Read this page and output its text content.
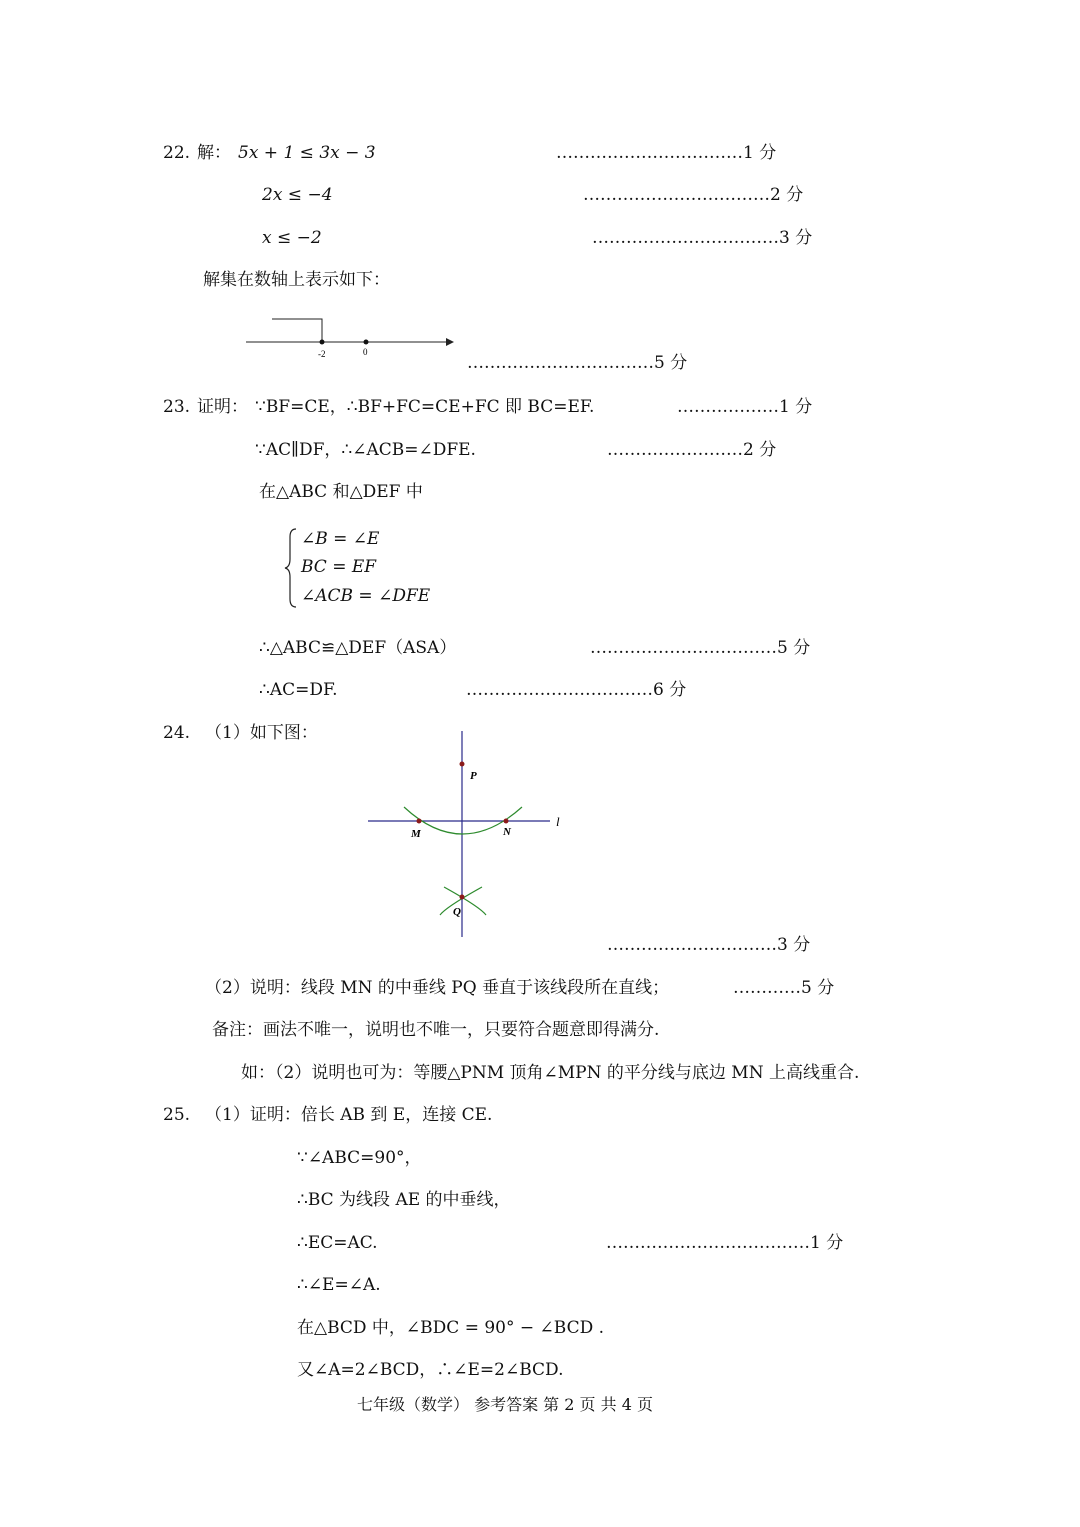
22. 解： 5x + 1 ≤ 3x − 3	……………………………1 分
2x ≤ −4	……………………………2 分
x ≤ −2	……………………………3 分
解集在数轴上表示如下：
-2	0
……………………………5 分
23. 证明： ∵BF=CE，∴BF+FC=CE+FC 即 BC=EF.	………………1 分
∵AC∥DF，∴∠ACB=∠DFE.	……………………2 分
在△ABC 和△DEF 中
∠B = ∠E
BC = EF
∠ACB = ∠DFE
∴△ABC≌△DEF（ASA）	……………………………5 分
∴AC=DF.	……………………………6 分
24. （1）如下图：
P
M	N
Q
l
…………………………3 分
（2）说明：线段 MN 的中垂线 PQ 垂直于该线段所在直线；	…………5 分
备注：画法不唯一，说明也不唯一，只要符合题意即得满分.
如：（2）说明也可为：等腰△PNM 顶角∠MPN 的平分线与底边 MN 上高线重合.
25. （1）证明：倍长 AB 到 E，连接 CE.
∵∠ABC=90°，
∴BC 为线段 AE 的中垂线，
∴EC=AC.	………………………………1 分
∴∠E=∠A.
在△BCD 中，∠BDC = 90° − ∠BCD .
又∠A=2∠BCD，∴∠E=2∠BCD.
七年级（数学） 参考答案 第 2 页 共 4 页
